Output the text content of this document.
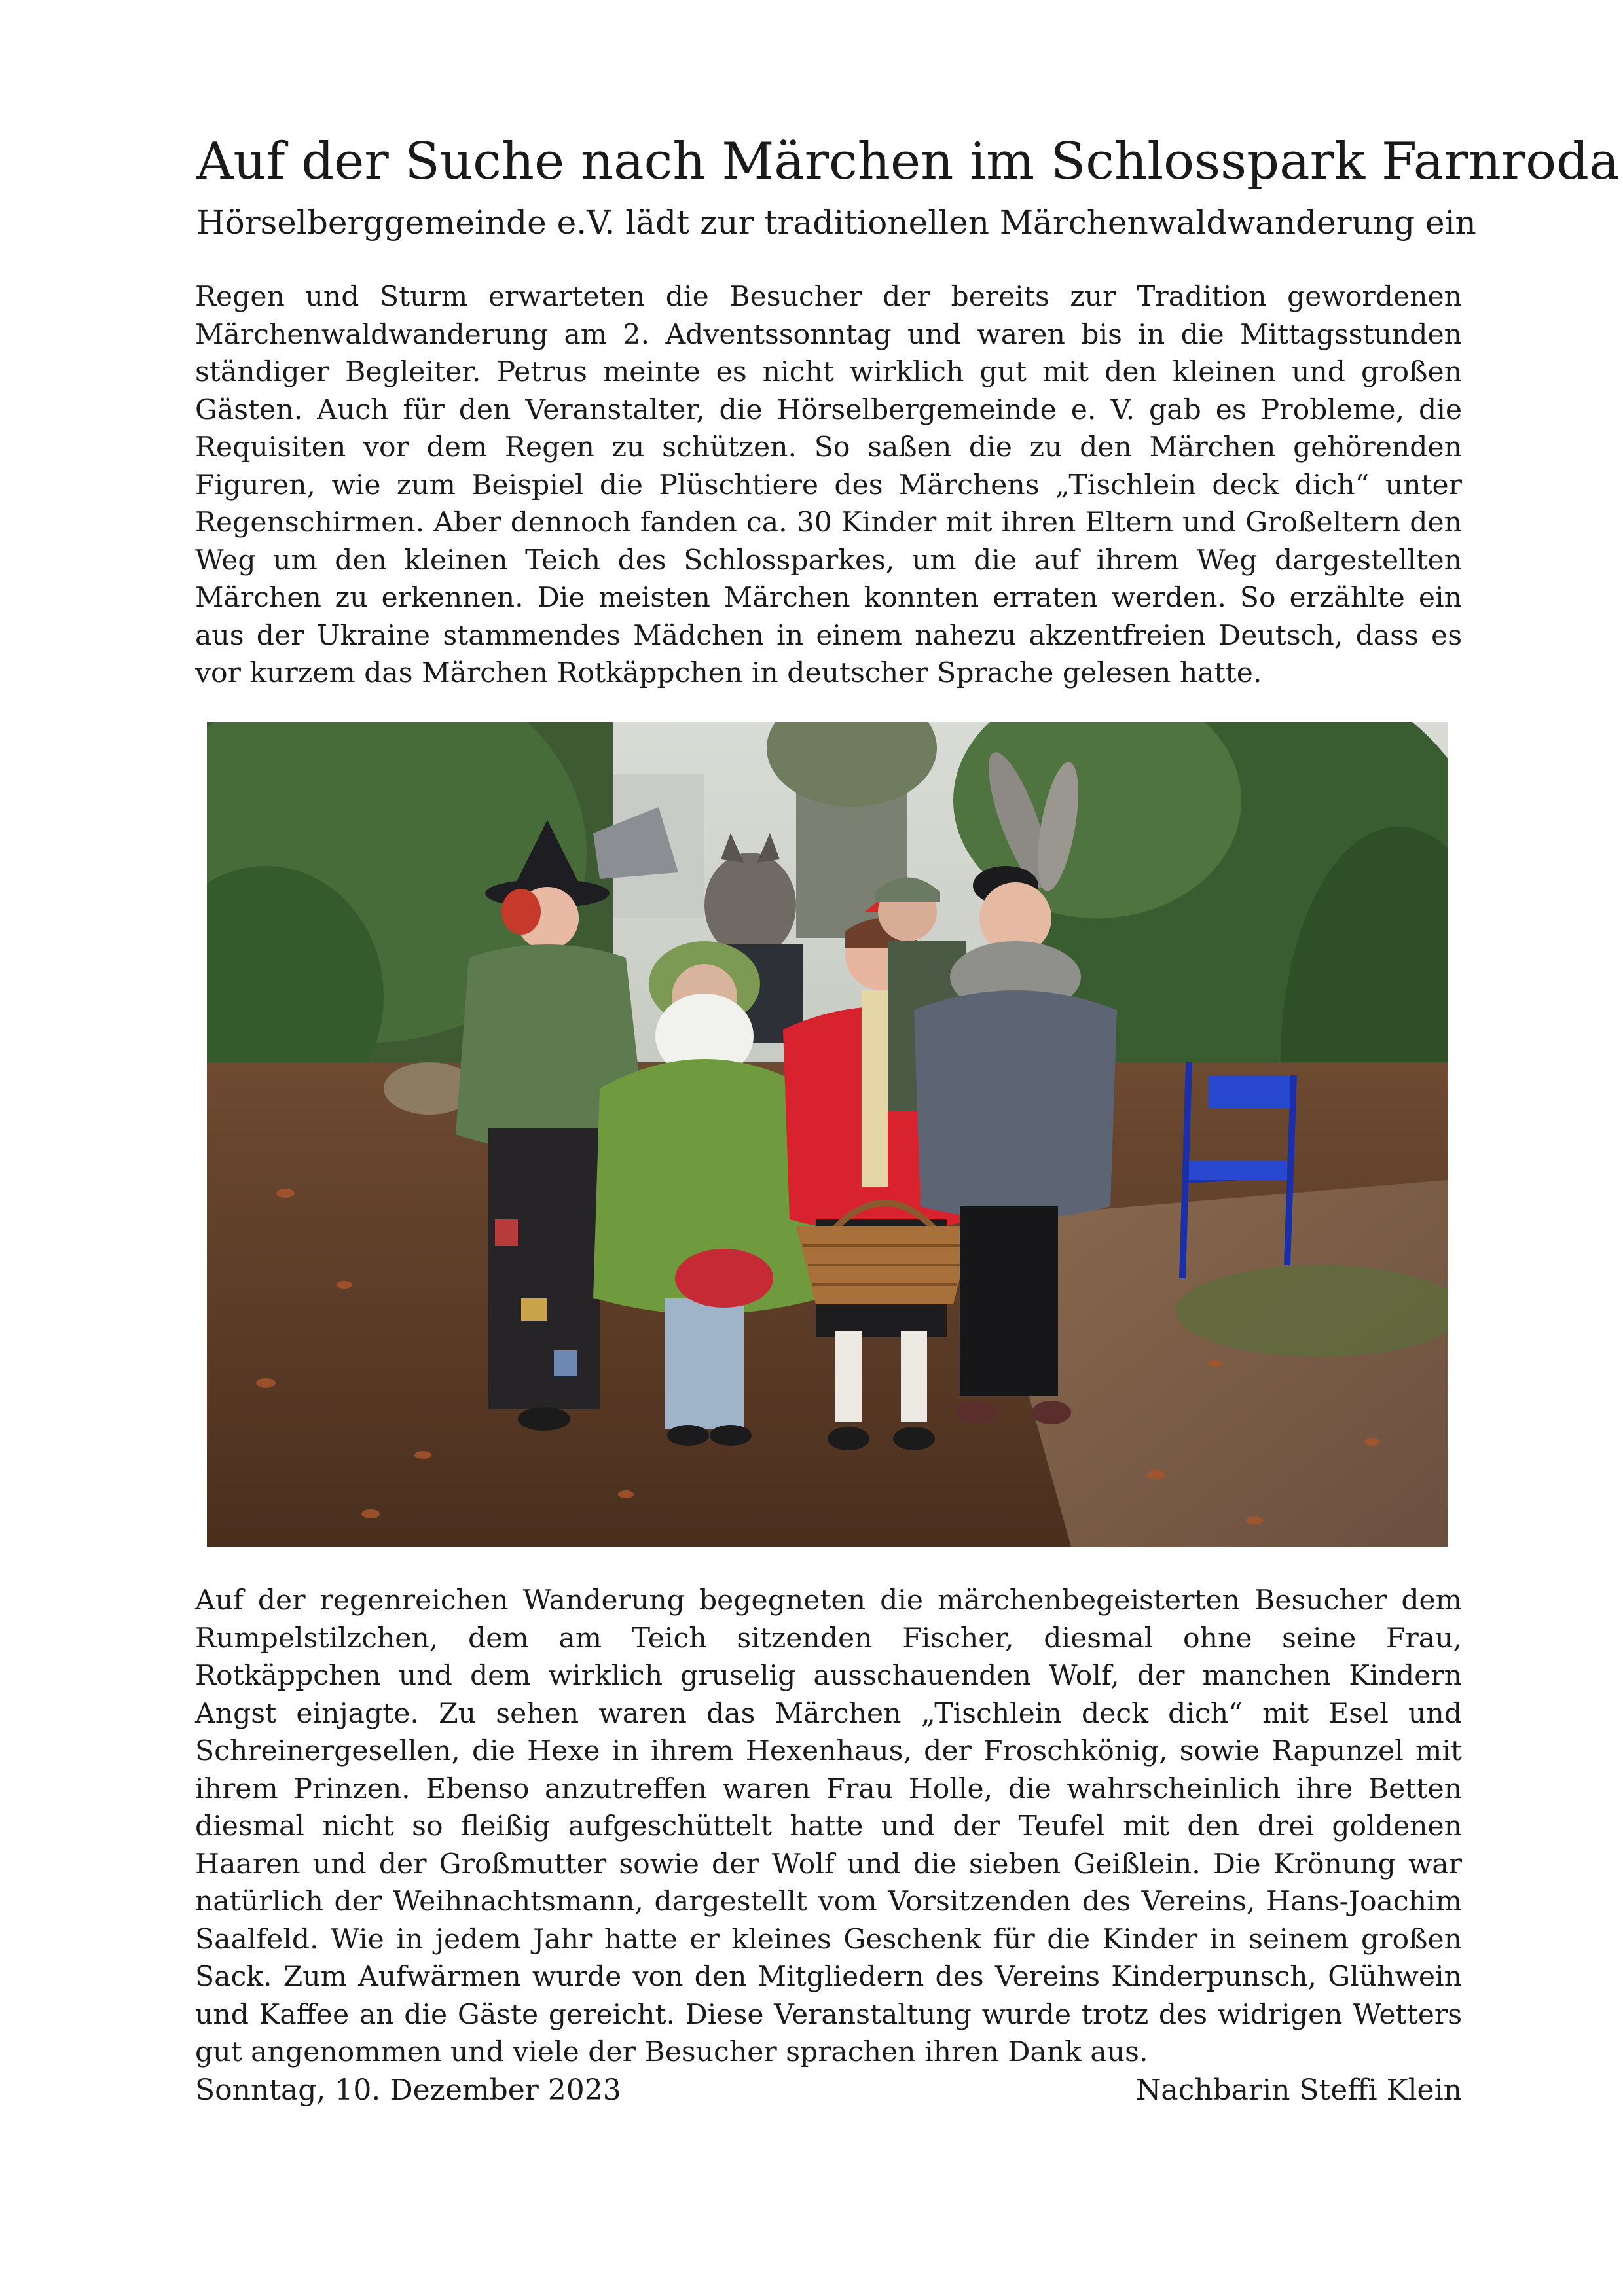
Auf der Suche nach Märchen im Schlosspark Farnroda
Hörselberggemeinde e.V. lädt zur traditionellen Märchenwaldwanderung ein

Regen und Sturm erwarteten die Besucher der bereits zur Tradition gewordenen Märchenwaldwanderung am 2. Adventssonntag und waren bis in die Mittagsstunden ständiger Begleiter. Petrus meinte es nicht wirklich gut mit den kleinen und großen Gästen. Auch für den Veranstalter, die Hörselbergemeinde e. V. gab es Probleme, die Requisiten vor dem Regen zu schützen. So saßen die zu den Märchen gehörenden Figuren, wie zum Beispiel die Plüschtiere des Märchens „Tischlein deck dich“ unter Regenschirmen. Aber dennoch fanden ca. 30 Kinder mit ihren Eltern und Großeltern den Weg um den kleinen Teich des Schlossparkes, um die auf ihrem Weg dargestellten Märchen zu erkennen. Die meisten Märchen konnten erraten werden. So erzählte ein aus der Ukraine stammendes Mädchen in einem nahezu akzentfreien Deutsch, dass es vor kurzem das Märchen Rotkäppchen in deutscher Sprache gelesen hatte.

Auf der regenreichen Wanderung begegneten die märchenbegeisterten Besucher dem Rumpelstilzchen, dem am Teich sitzenden Fischer, diesmal ohne seine Frau, Rotkäppchen und dem wirklich gruselig ausschauenden Wolf, der manchen Kindern Angst einjagte. Zu sehen waren das Märchen „Tischlein deck dich“ mit Esel und Schreinergesellen, die Hexe in ihrem Hexenhaus, der Froschkönig, sowie Rapunzel mit ihrem Prinzen. Ebenso anzutreffen waren Frau Holle, die wahrscheinlich ihre Betten diesmal nicht so fleißig aufgeschüttelt hatte und der Teufel mit den drei goldenen Haaren und der Großmutter sowie der Wolf und die sieben Geißlein. Die Krönung war natürlich der Weihnachtsmann, dargestellt vom Vorsitzenden des Vereins, Hans-Joachim Saalfeld. Wie in jedem Jahr hatte er kleines Geschenk für die Kinder in seinem großen Sack. Zum Aufwärmen wurde von den Mitgliedern des Vereins Kinderpunsch, Glühwein und Kaffee an die Gäste gereicht. Diese Veranstaltung wurde trotz des widrigen Wetters gut angenommen und viele der Besucher sprachen ihren Dank aus.

Sonntag, 10. Dezember 2023	Nachbarin Steffi Klein
